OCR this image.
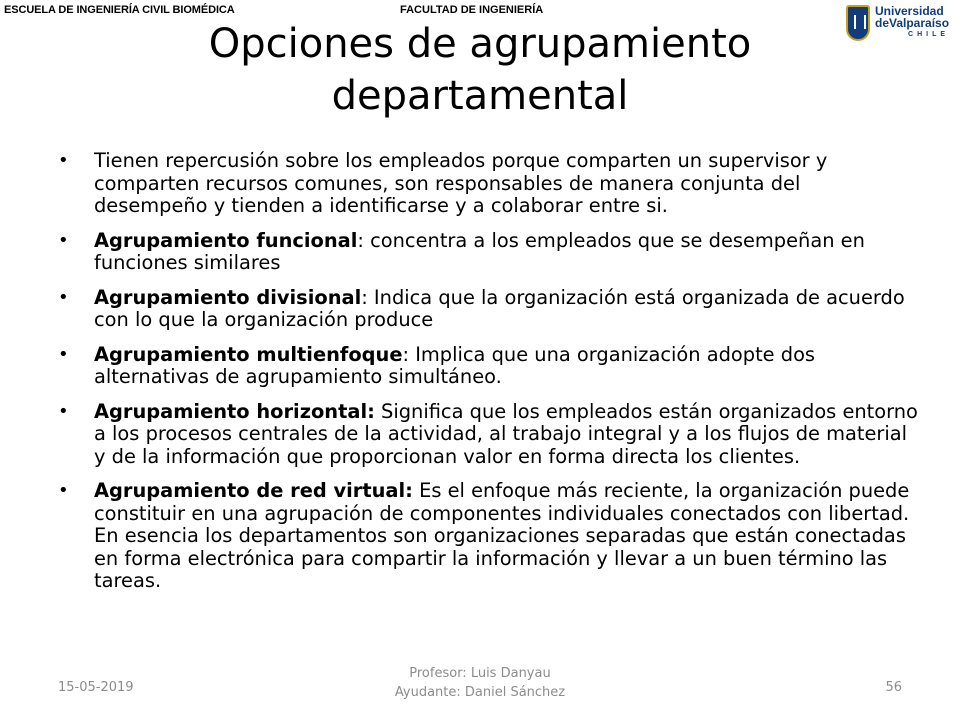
ESCUELA DE INGENIERÍA CIVIL BIOMÉDICA	FACULTAD DE INGENIERÍA	Universidad
deValparaíso
CHILE
Opciones de agrupamiento departamental
• Tienen repercusión sobre los empleados porque comparten un supervisor y comparten recursos comunes, son responsables de manera conjunta del desempeño y tienden a identificarse y a colaborar entre si.
• Agrupamiento funcional: concentra a los empleados que se desempeñan en funciones similares
• Agrupamiento divisional: Indica que la organización está organizada de acuerdo con lo que la organización produce
• Agrupamiento multienfoque: Implica que una organización adopte dos alternativas de agrupamiento simultáneo.
• Agrupamiento horizontal: Significa que los empleados están organizados entorno a los procesos centrales de la actividad, al trabajo integral y a los flujos de material y de la información que proporcionan valor en forma directa los clientes.
• Agrupamiento de red virtual: Es el enfoque más reciente, la organización puede constituir en una agrupación de componentes individuales conectados con libertad. En esencia los departamentos son organizaciones separadas que están conectadas en forma electrónica para compartir la información y llevar a un buen término las tareas.
15-05-2019
Profesor: Luis Danyau
Ayudante: Daniel Sánchez	56
